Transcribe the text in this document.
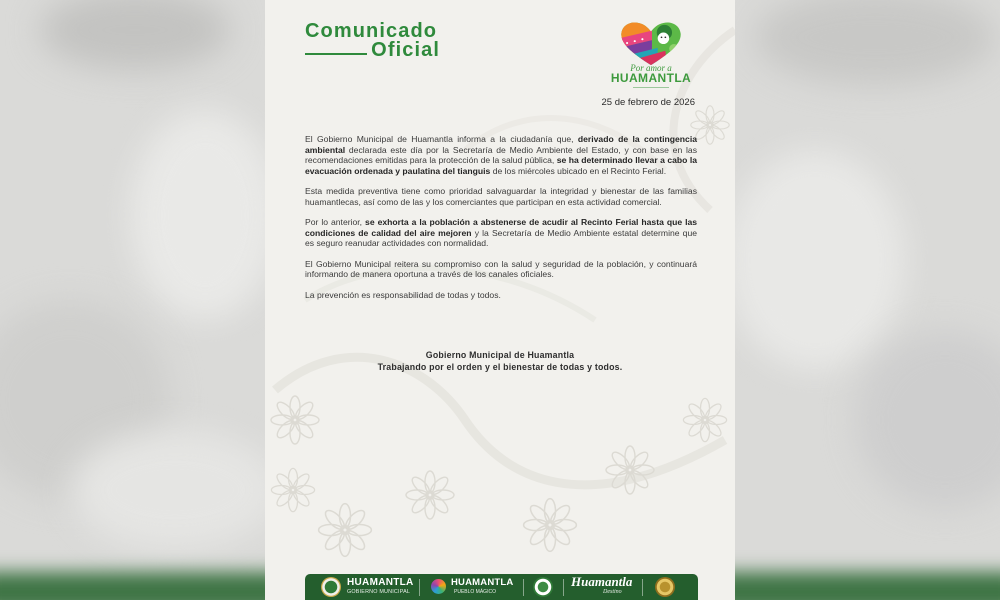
Comunicado
Oficial
Por amor a
HUAMANTLA
25 de febrero de 2026

El Gobierno Municipal de Huamantla informa a la ciudadanía que, derivado de la contingencia ambiental declarada este día por la Secretaría de Medio Ambiente del Estado, y con base en las recomendaciones emitidas para la protección de la salud pública, se ha determinado llevar a cabo la evacuación ordenada y paulatina del tianguis de los miércoles ubicado en el Recinto Ferial.

Esta medida preventiva tiene como prioridad salvaguardar la integridad y bienestar de las familias huamantlecas, así como de las y los comerciantes que participan en esta actividad comercial.

Por lo anterior, se exhorta a la población a abstenerse de acudir al Recinto Ferial hasta que las condiciones de calidad del aire mejoren y la Secretaría de Medio Ambiente estatal determine que es seguro reanudar actividades con normalidad.

El Gobierno Municipal reitera su compromiso con la salud y seguridad de la población, y continuará informando de manera oportuna a través de los canales oficiales.

La prevención es responsabilidad de todas y todos.

Gobierno Municipal de Huamantla
Trabajando por el orden y el bienestar de todas y todos.
HUAMANTLA
GOBIERNO MUNICIPAL
HUAMANTLA
PUEBLO MÁGICO
Huamantla
Destino
